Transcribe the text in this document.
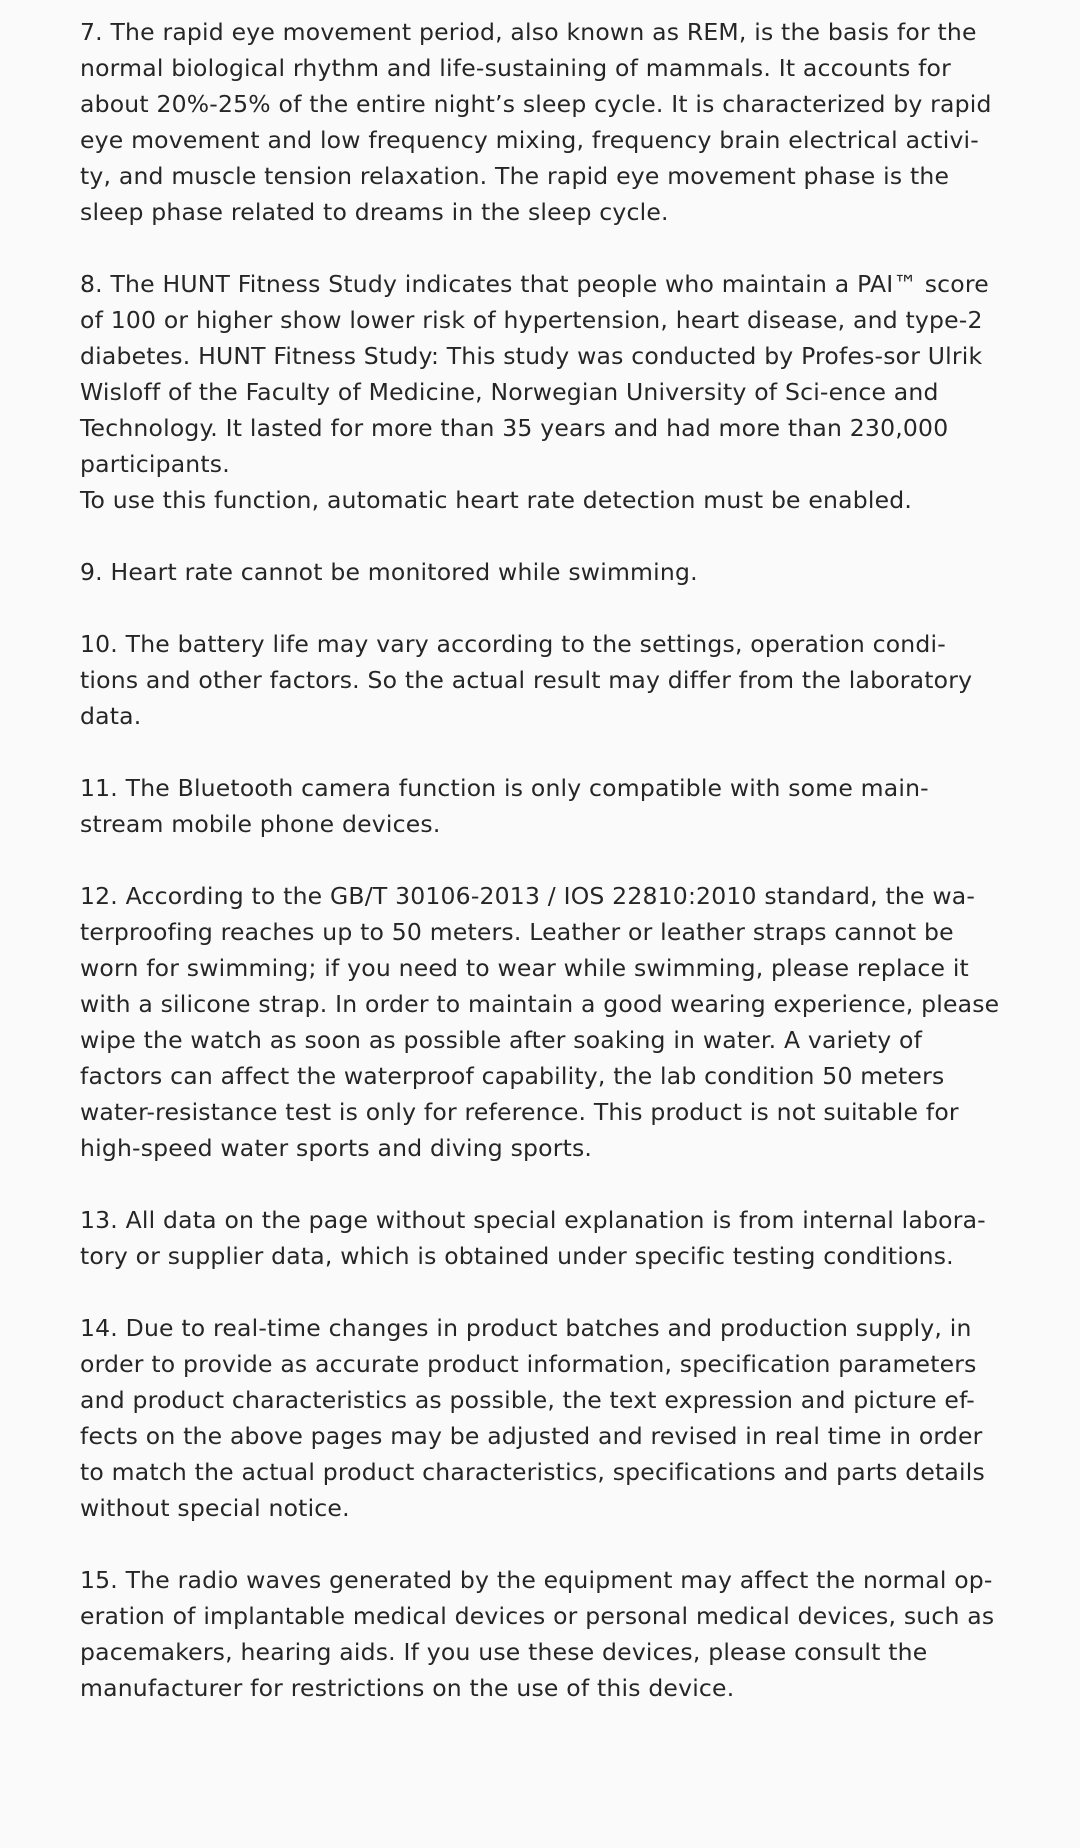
7. The rapid eye movement period, also known as REM, is the basis for the normal biological rhythm and life-sustaining of mammals. It accounts for about 20%-25% of the entire night’s sleep cycle. It is characterized by rapid eye movement and low frequency mixing, frequency brain electrical activi-ty, and muscle tension relaxation. The rapid eye movement phase is the sleep phase related to dreams in the sleep cycle.

8. The HUNT Fitness Study indicates that people who maintain a PAI™ score of 100 or higher show lower risk of hypertension, heart disease, and type-2 diabetes. HUNT Fitness Study: This study was conducted by Profes-sor Ulrik Wisloff of the Faculty of Medicine, Norwegian University of Sci-ence and Technology. It lasted for more than 35 years and had more than 230,000 participants.

To use this function, automatic heart rate detection must be enabled.

9. Heart rate cannot be monitored while swimming.

10. The battery life may vary according to the settings, operation condi-tions and other factors. So the actual result may differ from the laboratory data.

11. The Bluetooth camera function is only compatible with some main-stream mobile phone devices.

12. According to the GB/T 30106-2013 / IOS 22810:2010 standard, the wa-terproofing reaches up to 50 meters. Leather or leather straps cannot be worn for swimming; if you need to wear while swimming, please replace it with a silicone strap. In order to maintain a good wearing experience, please wipe the watch as soon as possible after soaking in water. A variety of factors can affect the waterproof capability, the lab condition 50 meters water-resistance test is only for reference. This product is not suitable for high-speed water sports and diving sports.

13. All data on the page without special explanation is from internal labora-tory or supplier data, which is obtained under specific testing conditions.

14. Due to real-time changes in product batches and production supply, in order to provide as accurate product information, specification parameters and product characteristics as possible, the text expression and picture ef-fects on the above pages may be adjusted and revised in real time in order to match the actual product characteristics, specifications and parts details without special notice.

15. The radio waves generated by the equipment may affect the normal op-eration of implantable medical devices or personal medical devices, such as pacemakers, hearing aids. If you use these devices, please consult the manufacturer for restrictions on the use of this device.
